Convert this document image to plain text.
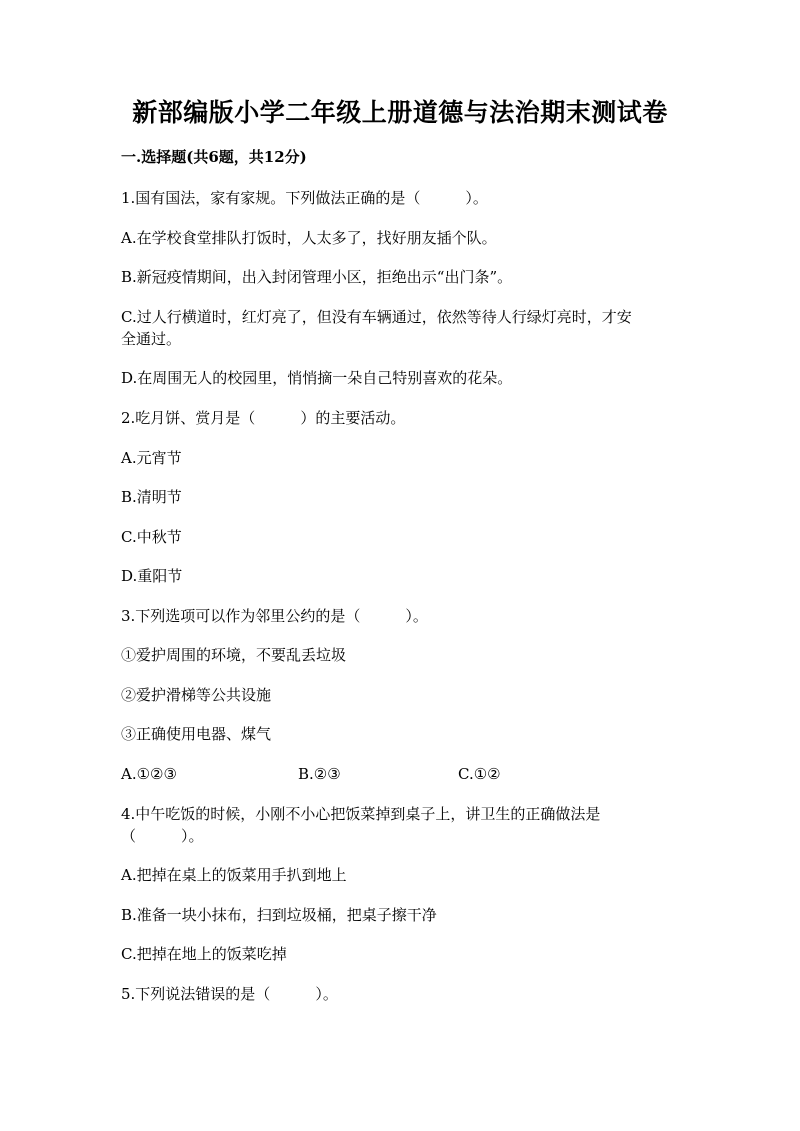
新部编版小学二年级上册道德与法治期末测试卷
一.选择题(共6题，共12分)
1.国有国法，家有家规。下列做法正确的是（　　　）。
A.在学校食堂排队打饭时，人太多了，找好朋友插个队。
B.新冠疫情期间，出入封闭管理小区，拒绝出示“出门条”。
C.过人行横道时，红灯亮了，但没有车辆通过，依然等待人行绿灯亮时，才安
全通过。
D.在周围无人的校园里，悄悄摘一朵自己特别喜欢的花朵。
2.吃月饼、赏月是（　　　）的主要活动。
A.元宵节
B.清明节
C.中秋节
D.重阳节
3.下列选项可以作为邻里公约的是（　　　）。
①爱护周围的环境，不要乱丢垃圾
②爱护滑梯等公共设施
③正确使用电器、煤气
A.①②③	B.②③	C.①②
4.中午吃饭的时候，小刚不小心把饭菜掉到桌子上，讲卫生的正确做法是
（　　　）。
A.把掉在桌上的饭菜用手扒到地上
B.准备一块小抹布，扫到垃圾桶，把桌子擦干净
C.把掉在地上的饭菜吃掉
5.下列说法错误的是（　　　）。
